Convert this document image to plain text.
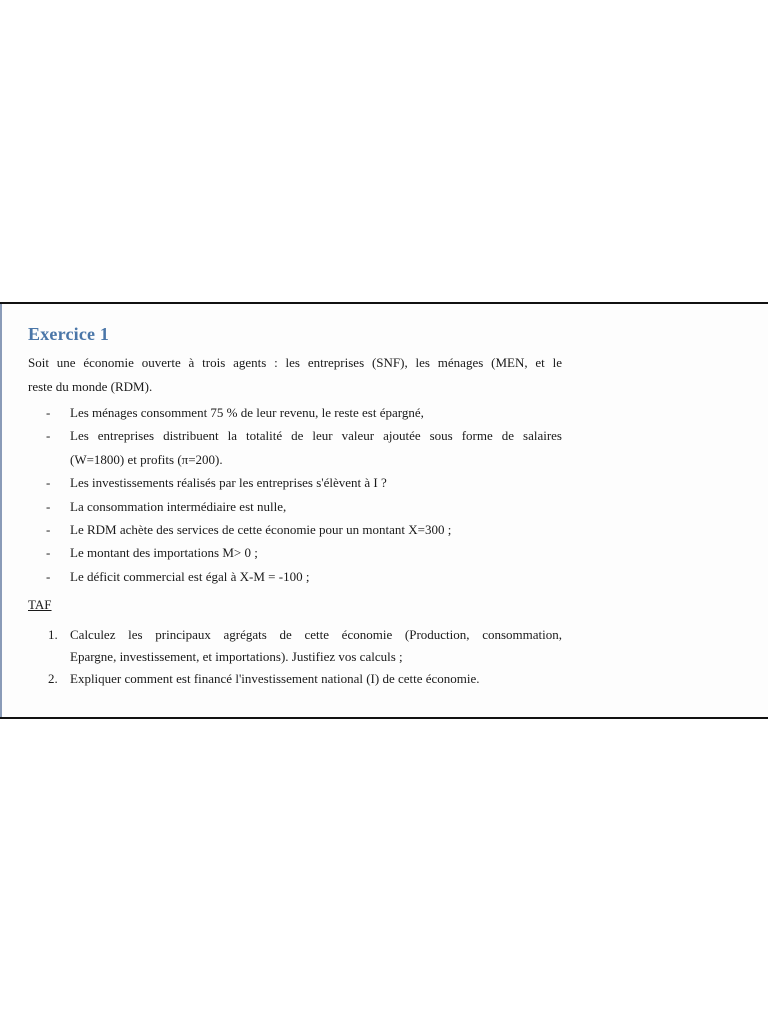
Exercice 1
Soit une économie ouverte à trois agents : les entreprises (SNF), les ménages (MEN, et le
reste du monde (RDM).
- Les ménages consomment 75 % de leur revenu, le reste est épargné,
- Les entreprises distribuent la totalité de leur valeur ajoutée sous forme de salaires
(W=1800) et profits (π=200).
- Les investissements réalisés par les entreprises s'élèvent à I ?
- La consommation intermédiaire est nulle,
- Le RDM achète des services de cette économie pour un montant X=300 ;
- Le montant des importations M> 0 ;
- Le déficit commercial est égal à X-M = -100 ;
TAF
1. Calculez les principaux agrégats de cette économie (Production, consommation,
Epargne, investissement, et importations). Justifiez vos calculs ;
2. Expliquer comment est financé l'investissement national (I) de cette économie.
